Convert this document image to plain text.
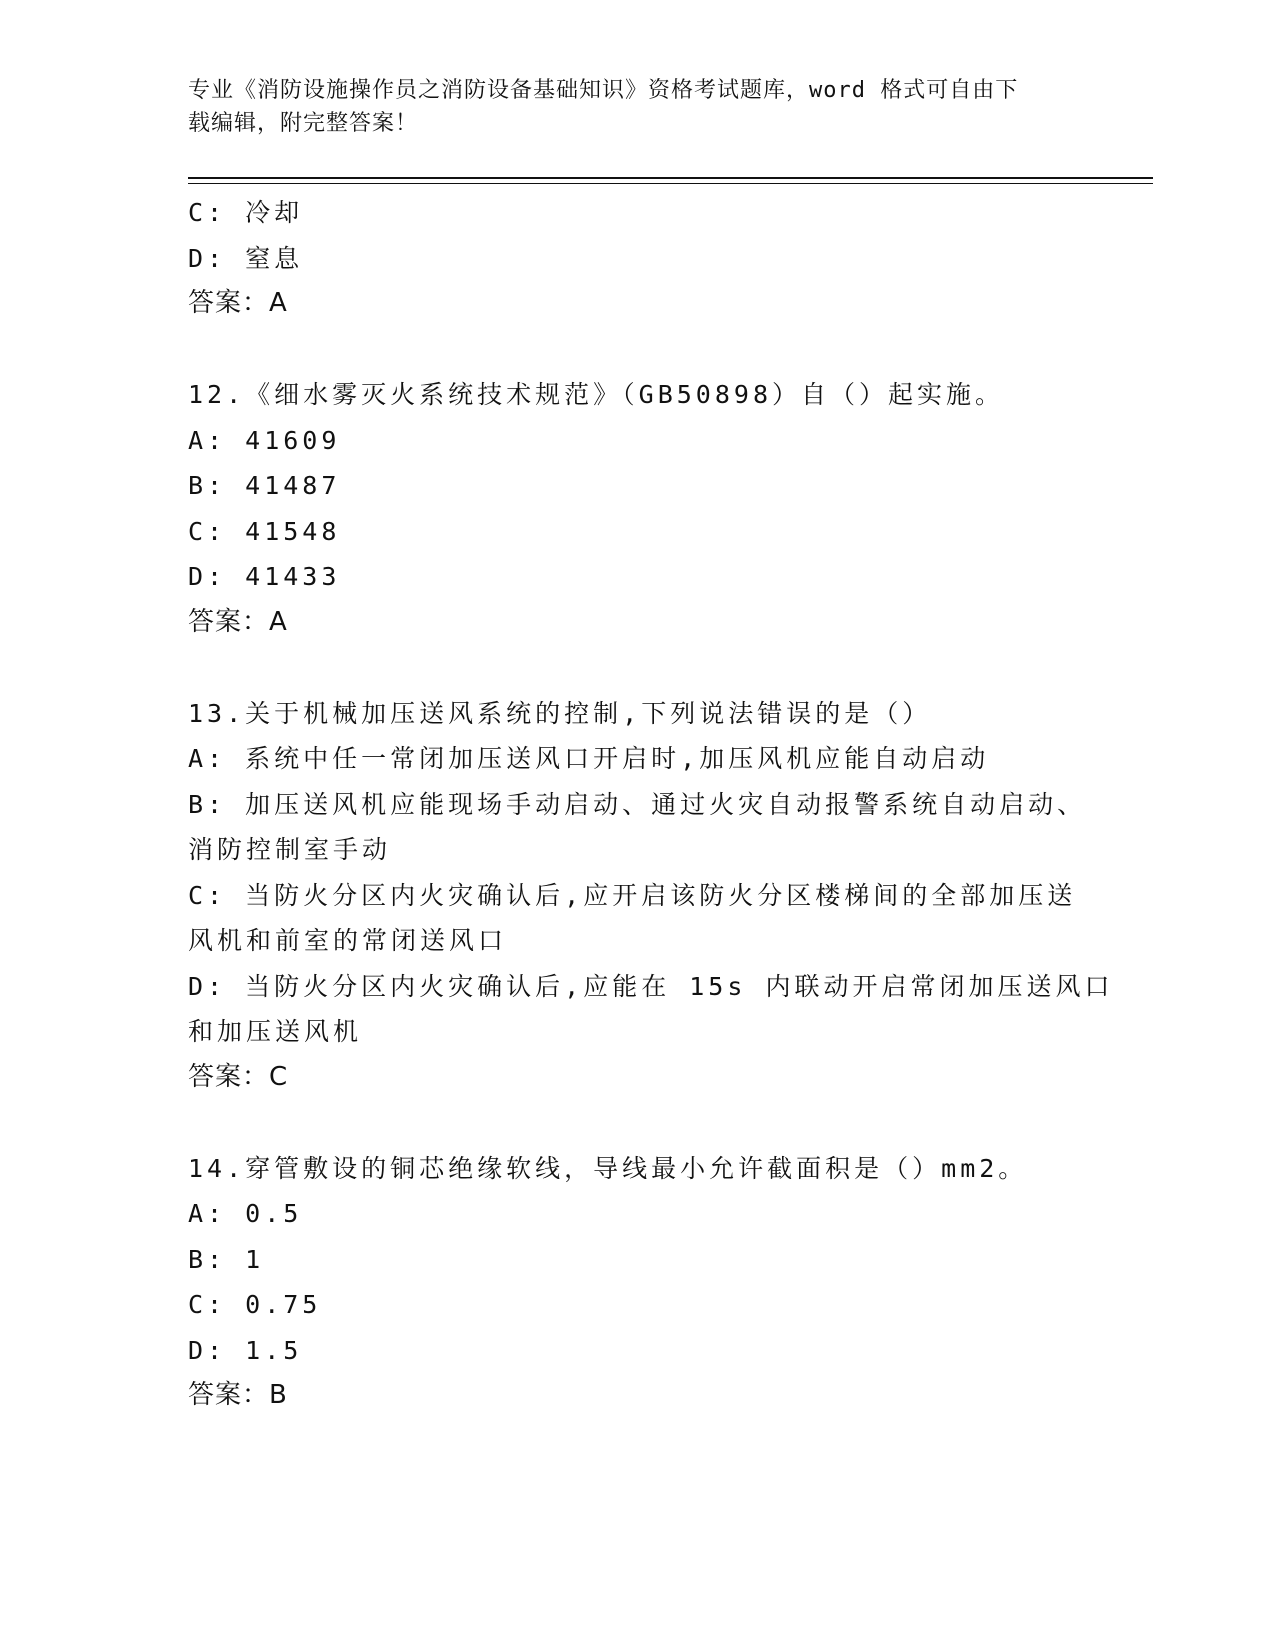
专业《消防设施操作员之消防设备基础知识》资格考试题库，word 格式可自由下
载编辑，附完整答案！
C: 冷却
D: 窒息
答案：A
12.《细水雾灭火系统技术规范》（GB50898）自（）起实施。
A: 41609
B: 41487
C: 41548
D: 41433
答案：A
13.关于机械加压送风系统的控制,下列说法错误的是（）
A: 系统中任一常闭加压送风口开启时,加压风机应能自动启动
B: 加压送风机应能现场手动启动、通过火灾自动报警系统自动启动、
消防控制室手动
C: 当防火分区内火灾确认后,应开启该防火分区楼梯间的全部加压送
风机和前室的常闭送风口
D: 当防火分区内火灾确认后,应能在 15s 内联动开启常闭加压送风口
和加压送风机
答案：C
14.穿管敷设的铜芯绝缘软线，导线最小允许截面积是（）mm2。
A: 0.5
B: 1
C: 0.75
D: 1.5
答案：B
